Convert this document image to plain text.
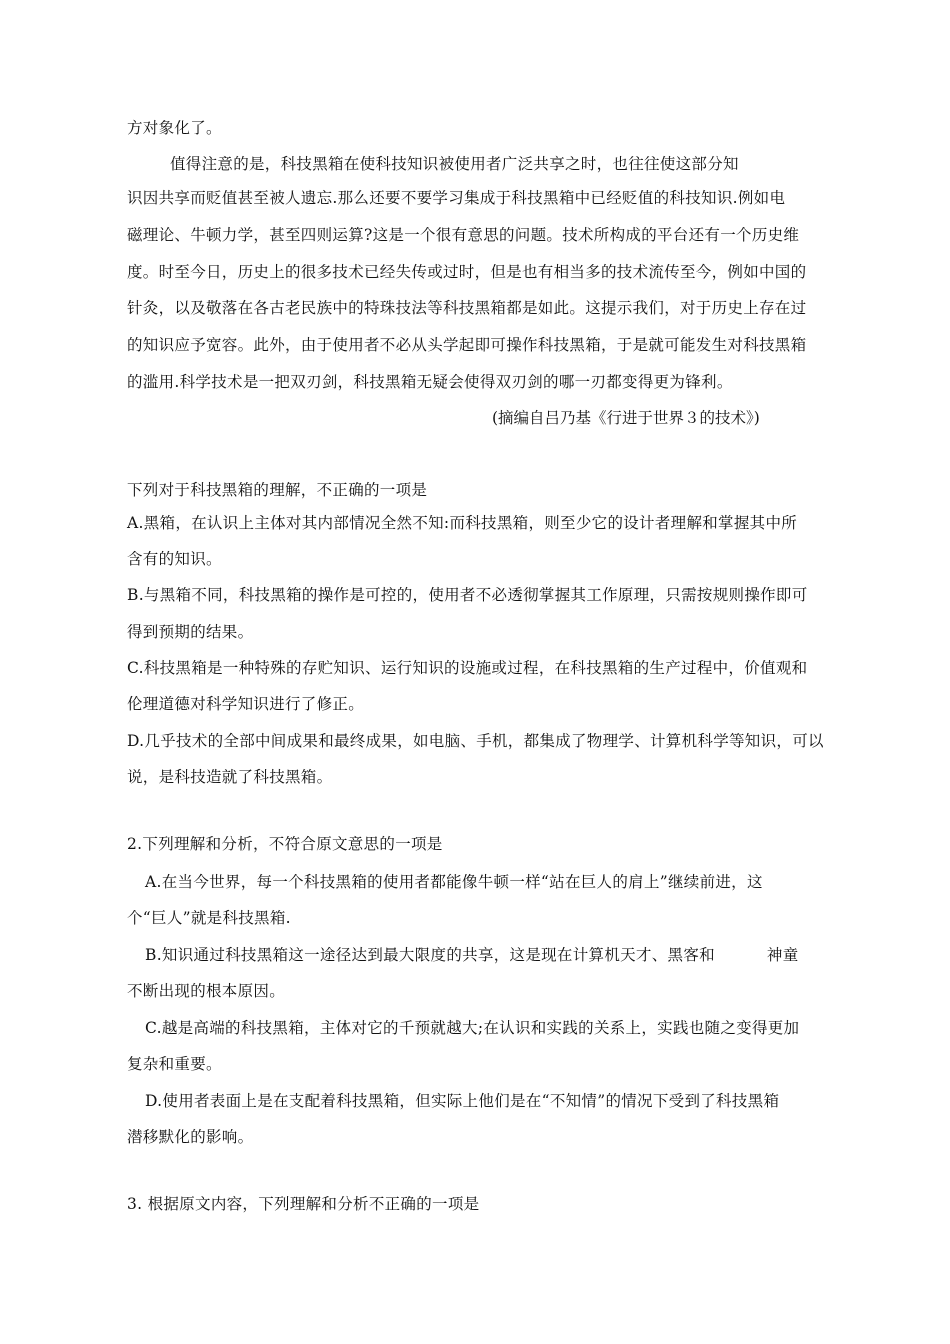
方对象化了。
值得注意的是，科技黑箱在使科技知识被使用者广泛共享之时，也往往使这部分知
识因共享而贬值甚至被人遗忘.那么还要不要学习集成于科技黑箱中已经贬值的科技知识.例如电
磁理论、牛顿力学，甚至四则运算?这是一个很有意思的问题。技术所构成的平台还有一个历史维
度。时至今日，历史上的很多技术已经失传或过时，但是也有相当多的技术流传至今，例如中国的
针灸，以及敬落在各古老民族中的特珠技法等科技黑箱都是如此。这提示我们，对于历史上存在过
的知识应予宽容。此外，由于使用者不必从头学起即可操作科技黑箱，于是就可能发生对科技黑箱
的滥用.科学技术是一把双刃剑，科技黑箱无疑会使得双刃剑的哪一刃都变得更为锋利。
(摘编自吕乃基《行进于世界３的技术》)
下列对于科技黑箱的理解，不正确的一项是
A.黑箱，在认识上主体对其内部情况全然不知:而科技黑箱，则至少它的设计者理解和掌握其中所
含有的知识。
B.与黑箱不同，科技黑箱的操作是可控的，使用者不必透彻掌握其工作原理，只需按规则操作即可
得到预期的结果。
C.科技黑箱是一种特殊的存贮知识、运行知识的设施或过程，在科技黑箱的生产过程中，价值观和
伦理道德对科学知识进行了修正。
D.几乎技术的全部中间成果和最终成果，如电脑、手机，都集成了物理学、计算机科学等知识，可以
说，是科技造就了科技黑箱。
2.下列理解和分析，不符合原文意思的一项是
A.在当今世界，每一个科技黑箱的使用者都能像牛顿一样“站在巨人的肩上”继续前进，这
个“巨人”就是科技黑箱.
B.知识通过科技黑箱这一途径达到最大限度的共享，这是现在计算机天才、黑客和	神童
不断出现的根本原因。
C.越是高端的科技黑箱，主体对它的千预就越大;在认识和实践的关系上，实践也随之变得更加
复杂和重要。
D.使用者表面上是在支配着科技黑箱，但实际上他们是在“不知情”的情况下受到了科技黑箱
潜移默化的影响。
3. 根据原文内容，下列理解和分析不正确的一项是
